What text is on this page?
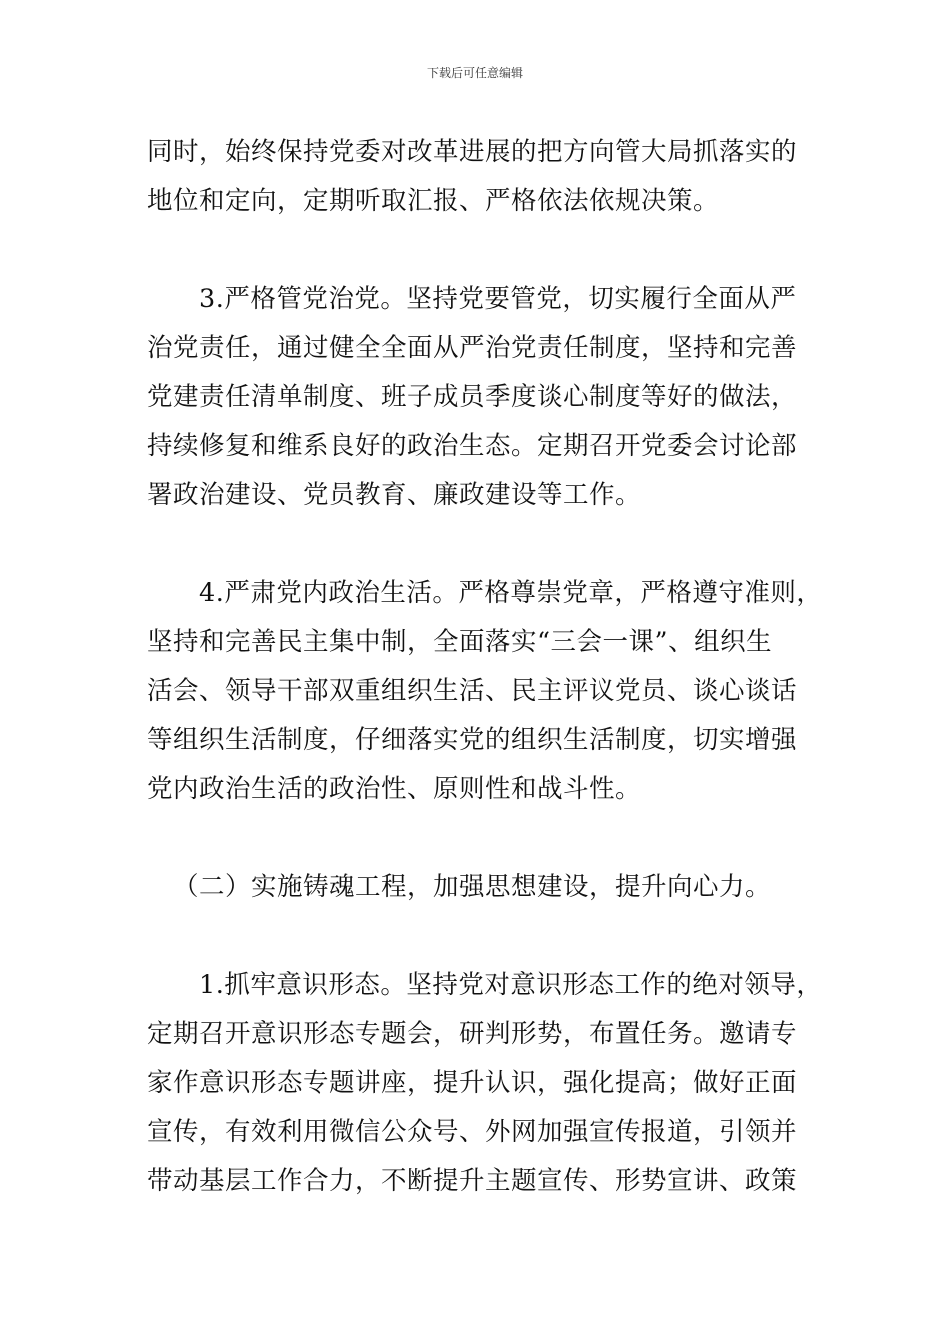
下载后可任意编辑
同时，始终保持党委对改革进展的把方向管大局抓落实的
地位和定向，定期听取汇报、严格依法依规决策。
3.严格管党治党。坚持党要管党，切实履行全面从严
治党责任，通过健全全面从严治党责任制度，坚持和完善
党建责任清单制度、班子成员季度谈心制度等好的做法，
持续修复和维系良好的政治生态。定期召开党委会讨论部
署政治建设、党员教育、廉政建设等工作。
4.严肃党内政治生活。严格尊崇党章，严格遵守准则，
坚持和完善民主集中制，全面落实“三会一课”、组织生
活会、领导干部双重组织生活、民主评议党员、谈心谈话
等组织生活制度，仔细落实党的组织生活制度，切实增强
党内政治生活的政治性、原则性和战斗性。
（二）实施铸魂工程，加强思想建设，提升向心力。
1.抓牢意识形态。坚持党对意识形态工作的绝对领导，
定期召开意识形态专题会，研判形势，布置任务。邀请专
家作意识形态专题讲座，提升认识，强化提高；做好正面
宣传，有效利用微信公众号、外网加强宣传报道，引领并
带动基层工作合力，不断提升主题宣传、形势宣讲、政策
